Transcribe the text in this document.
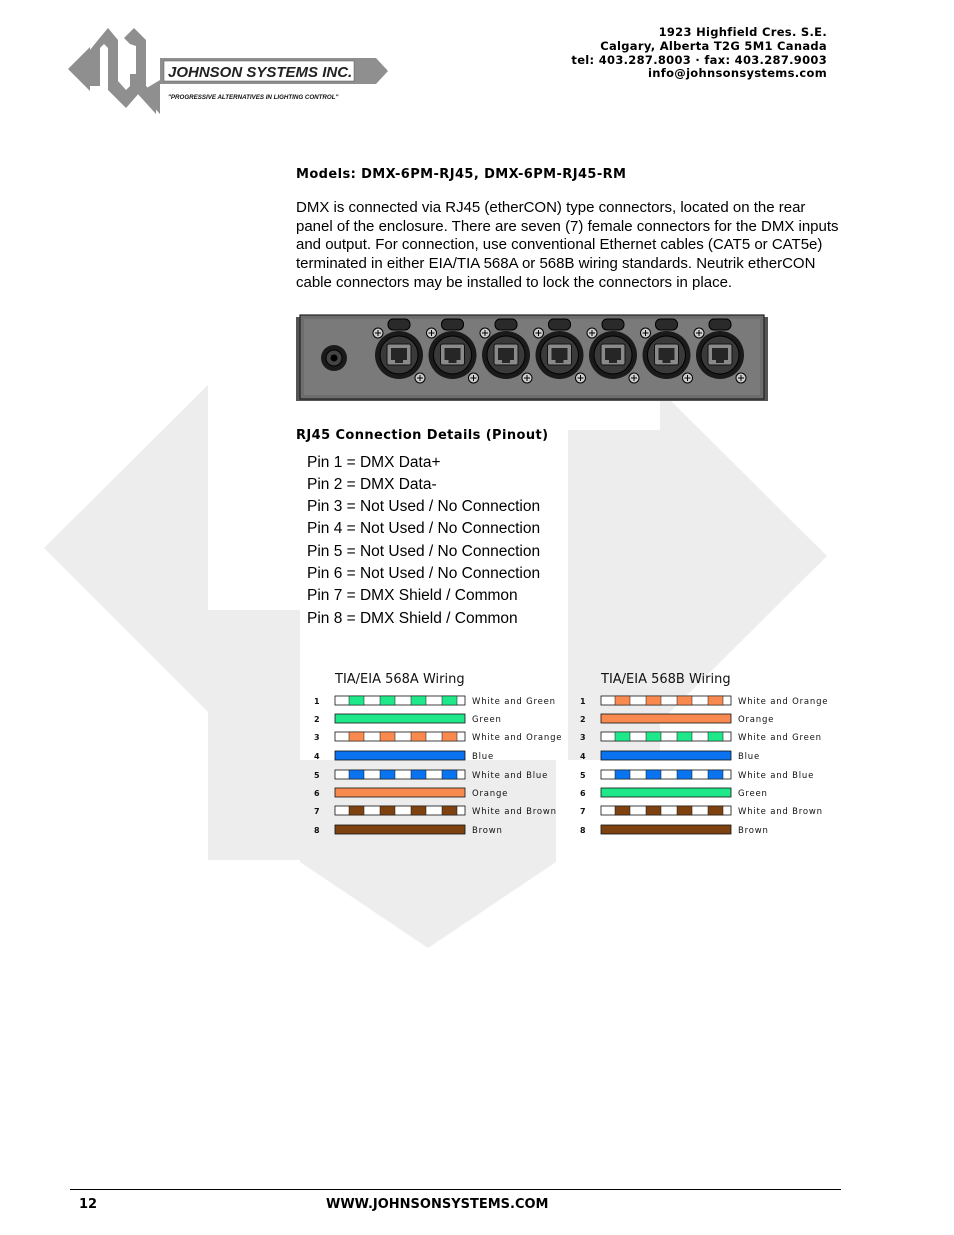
JOHNSON SYSTEMS INC.
"PROGRESSIVE ALTERNATIVES IN LIGHTING CONTROL"
1923 Highfield Cres. S.E.
Calgary, Alberta T2G 5M1 Canada
tel: 403.287.8003 · fax: 403.287.9003
info@johnsonsystems.com
Models: DMX-6PM-RJ45, DMX-6PM-RJ45-RM
DMX is connected via RJ45 (etherCON) type connectors, located on the rear panel of the enclosure. There are seven (7) female connectors for the DMX inputs and output. For connection, use conventional Ethernet cables (CAT5 or CAT5e) terminated in either EIA/TIA 568A or 568B wiring standards. Neutrik etherCON cable connectors may be installed to lock the connectors in place.
RJ45 Connection Details (Pinout)
Pin 1 = DMX Data+
Pin 2 = DMX Data-
Pin 3 = Not Used / No Connection
Pin 4 = Not Used / No Connection
Pin 5 = Not Used / No Connection
Pin 6 = Not Used / No Connection
Pin 7 = DMX Shield / Common
Pin 8 = DMX Shield / Common
TIA/EIA 568A Wiring
1	White and Green
2	Green
3	White and Orange
4	Blue
5	White and Blue
6	Orange
7	White and Brown
8	Brown
TIA/EIA 568B Wiring
1	White and Orange
2	Orange
3	White and Green
4	Blue
5	White and Blue
6	Green
7	White and Brown
8	Brown
12	WWW.JOHNSONSYSTEMS.COM
